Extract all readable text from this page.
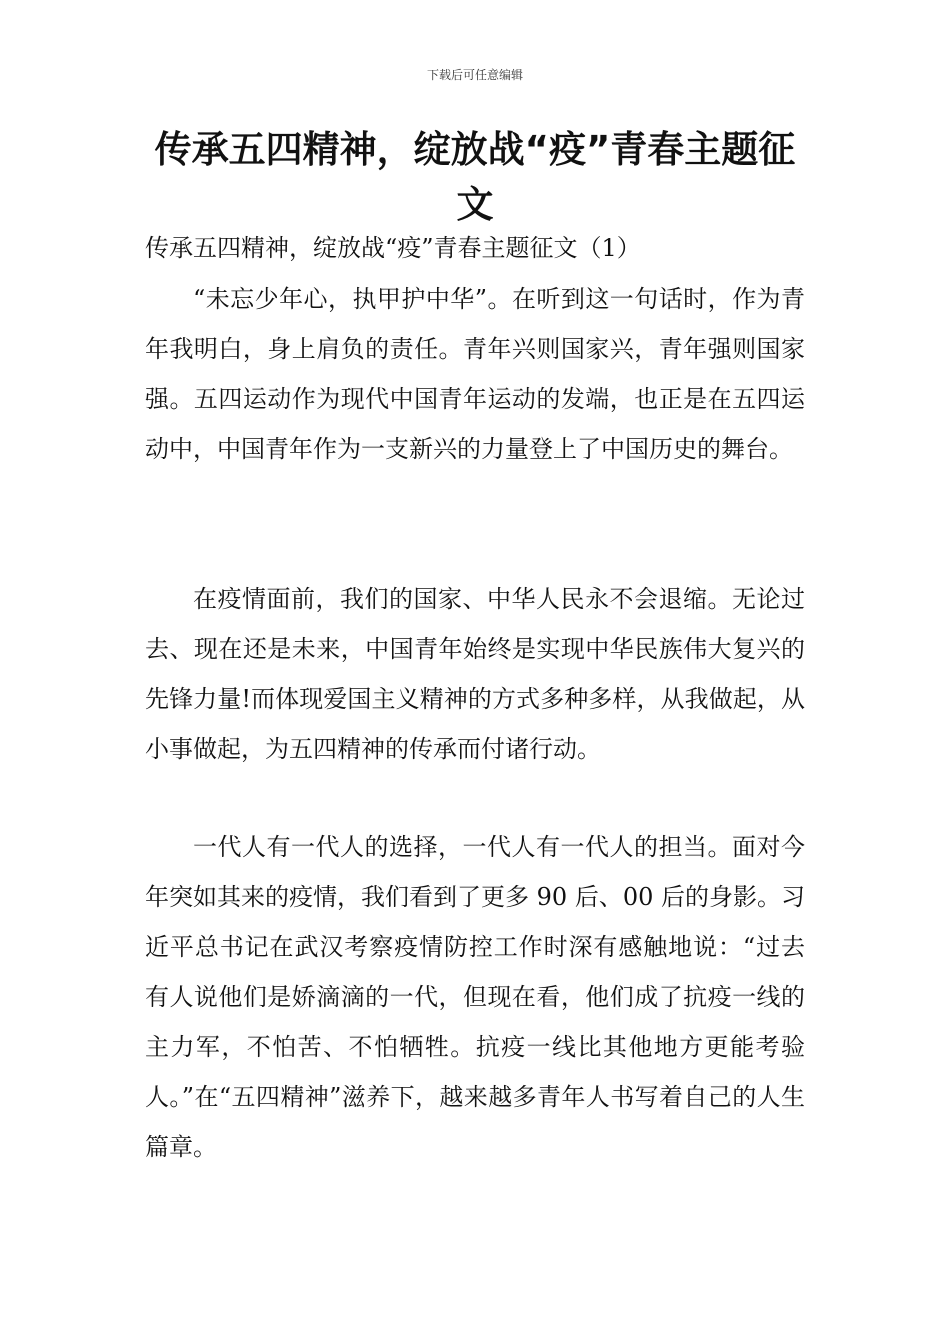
下载后可任意编辑
传承五四精神，绽放战“疫”青春主题征文
传承五四精神，绽放战“疫”青春主题征文（1）

“未忘少年心，执甲护中华”。在听到这一句话时，作为青年我明白，身上肩负的责任。青年兴则国家兴，青年强则国家强。五四运动作为现代中国青年运动的发端，也正是在五四运动中，中国青年作为一支新兴的力量登上了中国历史的舞台。

在疫情面前，我们的国家、中华人民永不会退缩。无论过去、现在还是未来，中国青年始终是实现中华民族伟大复兴的先锋力量!而体现爱国主义精神的方式多种多样，从我做起，从小事做起，为五四精神的传承而付诸行动。

一代人有一代人的选择，一代人有一代人的担当。面对今年突如其来的疫情，我们看到了更多 90 后、00 后的身影。习近平总书记在武汉考察疫情防控工作时深有感触地说：“过去有人说他们是娇滴滴的一代，但现在看，他们成了抗疫一线的主力军，不怕苦、不怕牺牲。抗疫一线比其他地方更能考验人。”在“五四精神”滋养下，越来越多青年人书写着自己的人生篇章。
